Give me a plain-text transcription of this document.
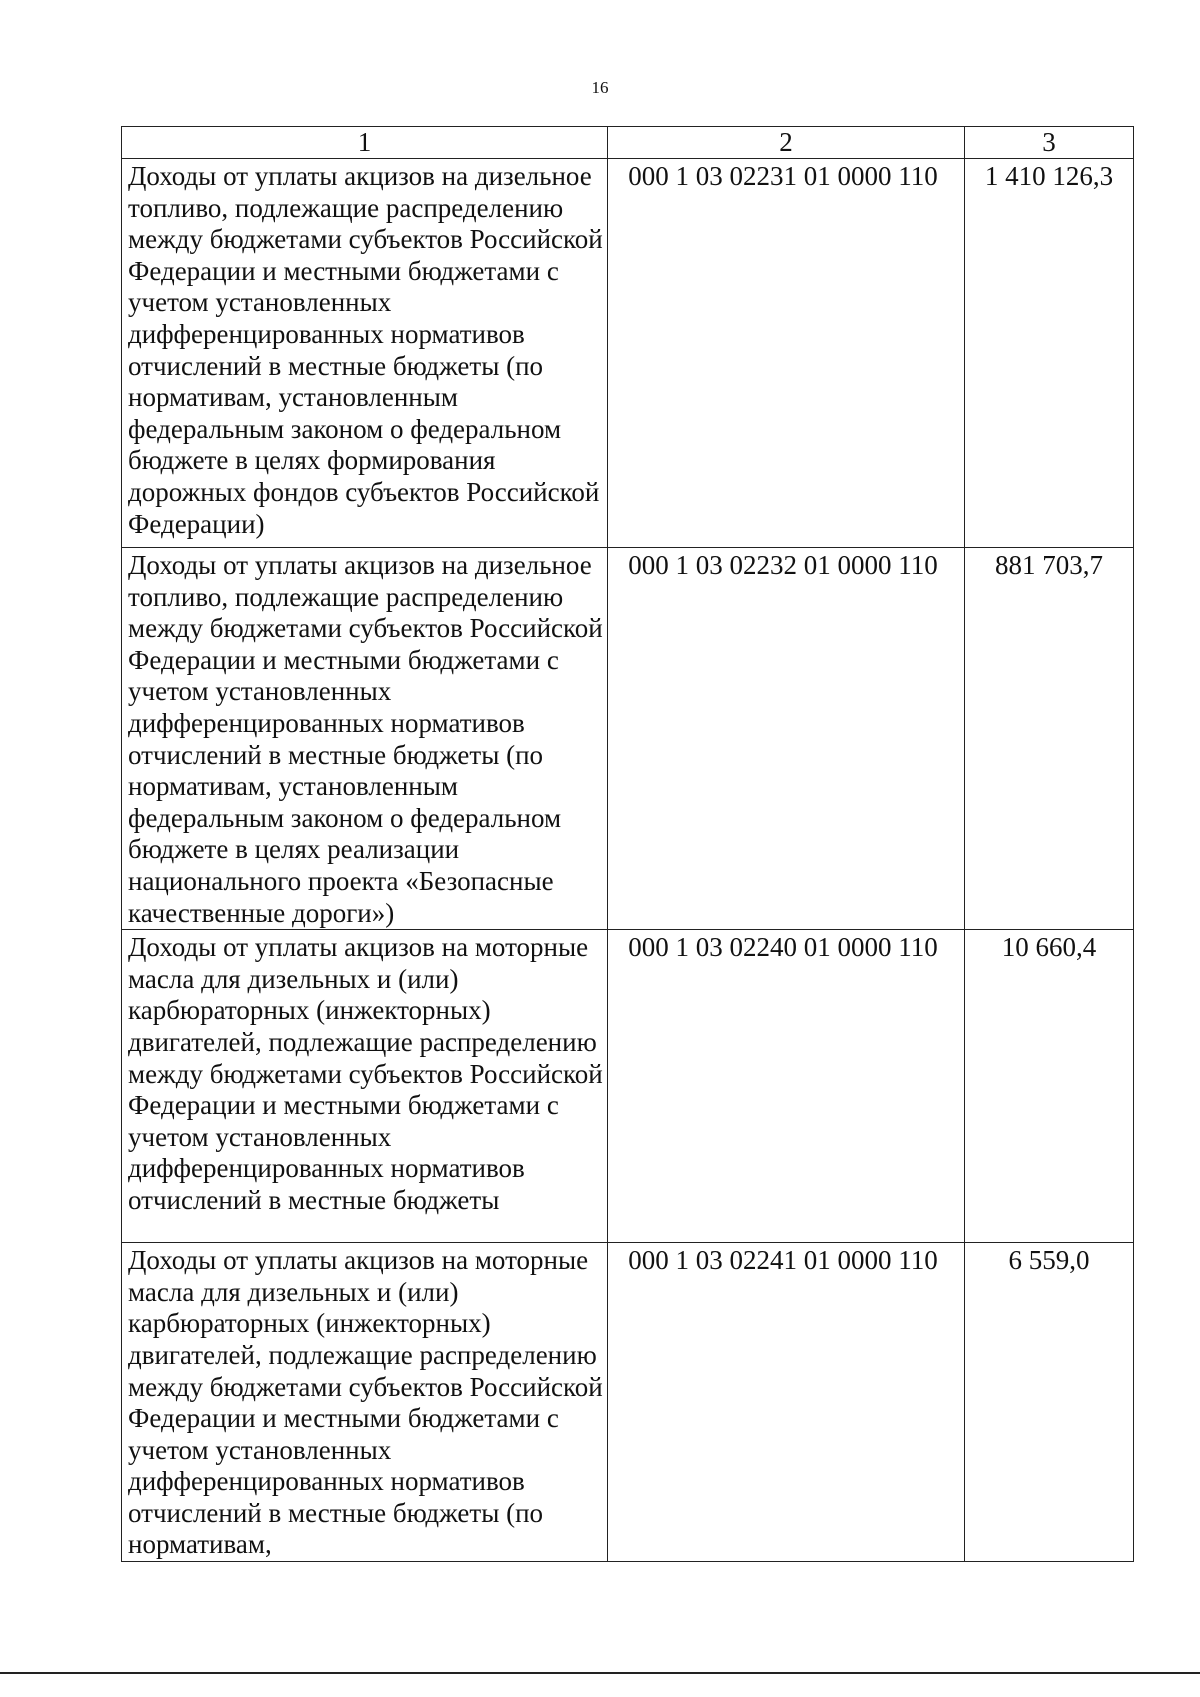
16
1	2	3
Доходы от уплаты акцизов на дизельное топливо, подлежащие распределению между бюджетами субъектов Российской Федерации и местными бюджетами с учетом установленных дифференцированных нормативов отчислений в местные бюджеты (по нормативам, установленным федеральным законом о федеральном бюджете в целях формирования дорожных фондов субъектов Российской Федерации)	000 1 03 02231 01 0000 110	1 410 126,3
Доходы от уплаты акцизов на дизельное топливо, подлежащие распределению между бюджетами субъектов Российской Федерации и местными бюджетами с учетом установленных дифференцированных нормативов отчислений в местные бюджеты (по нормативам, установленным федеральным законом о федеральном бюджете в целях реализации национального проекта «Безопасные качественные дороги»)	000 1 03 02232 01 0000 110	881 703,7
Доходы от уплаты акцизов на моторные масла для дизельных и (или) карбюраторных (инжекторных) двигателей, подлежащие распределению между бюджетами субъектов Российской Федерации и местными бюджетами с учетом установленных дифференцированных нормативов отчислений в местные бюджеты	000 1 03 02240 01 0000 110	10 660,4
Доходы от уплаты акцизов на моторные масла для дизельных и (или) карбюраторных (инжекторных) двигателей, подлежащие распределению между бюджетами субъектов Российской Федерации и местными бюджетами с учетом установленных дифференцированных нормативов отчислений в местные бюджеты (по нормативам,	000 1 03 02241 01 0000 110	6 559,0
